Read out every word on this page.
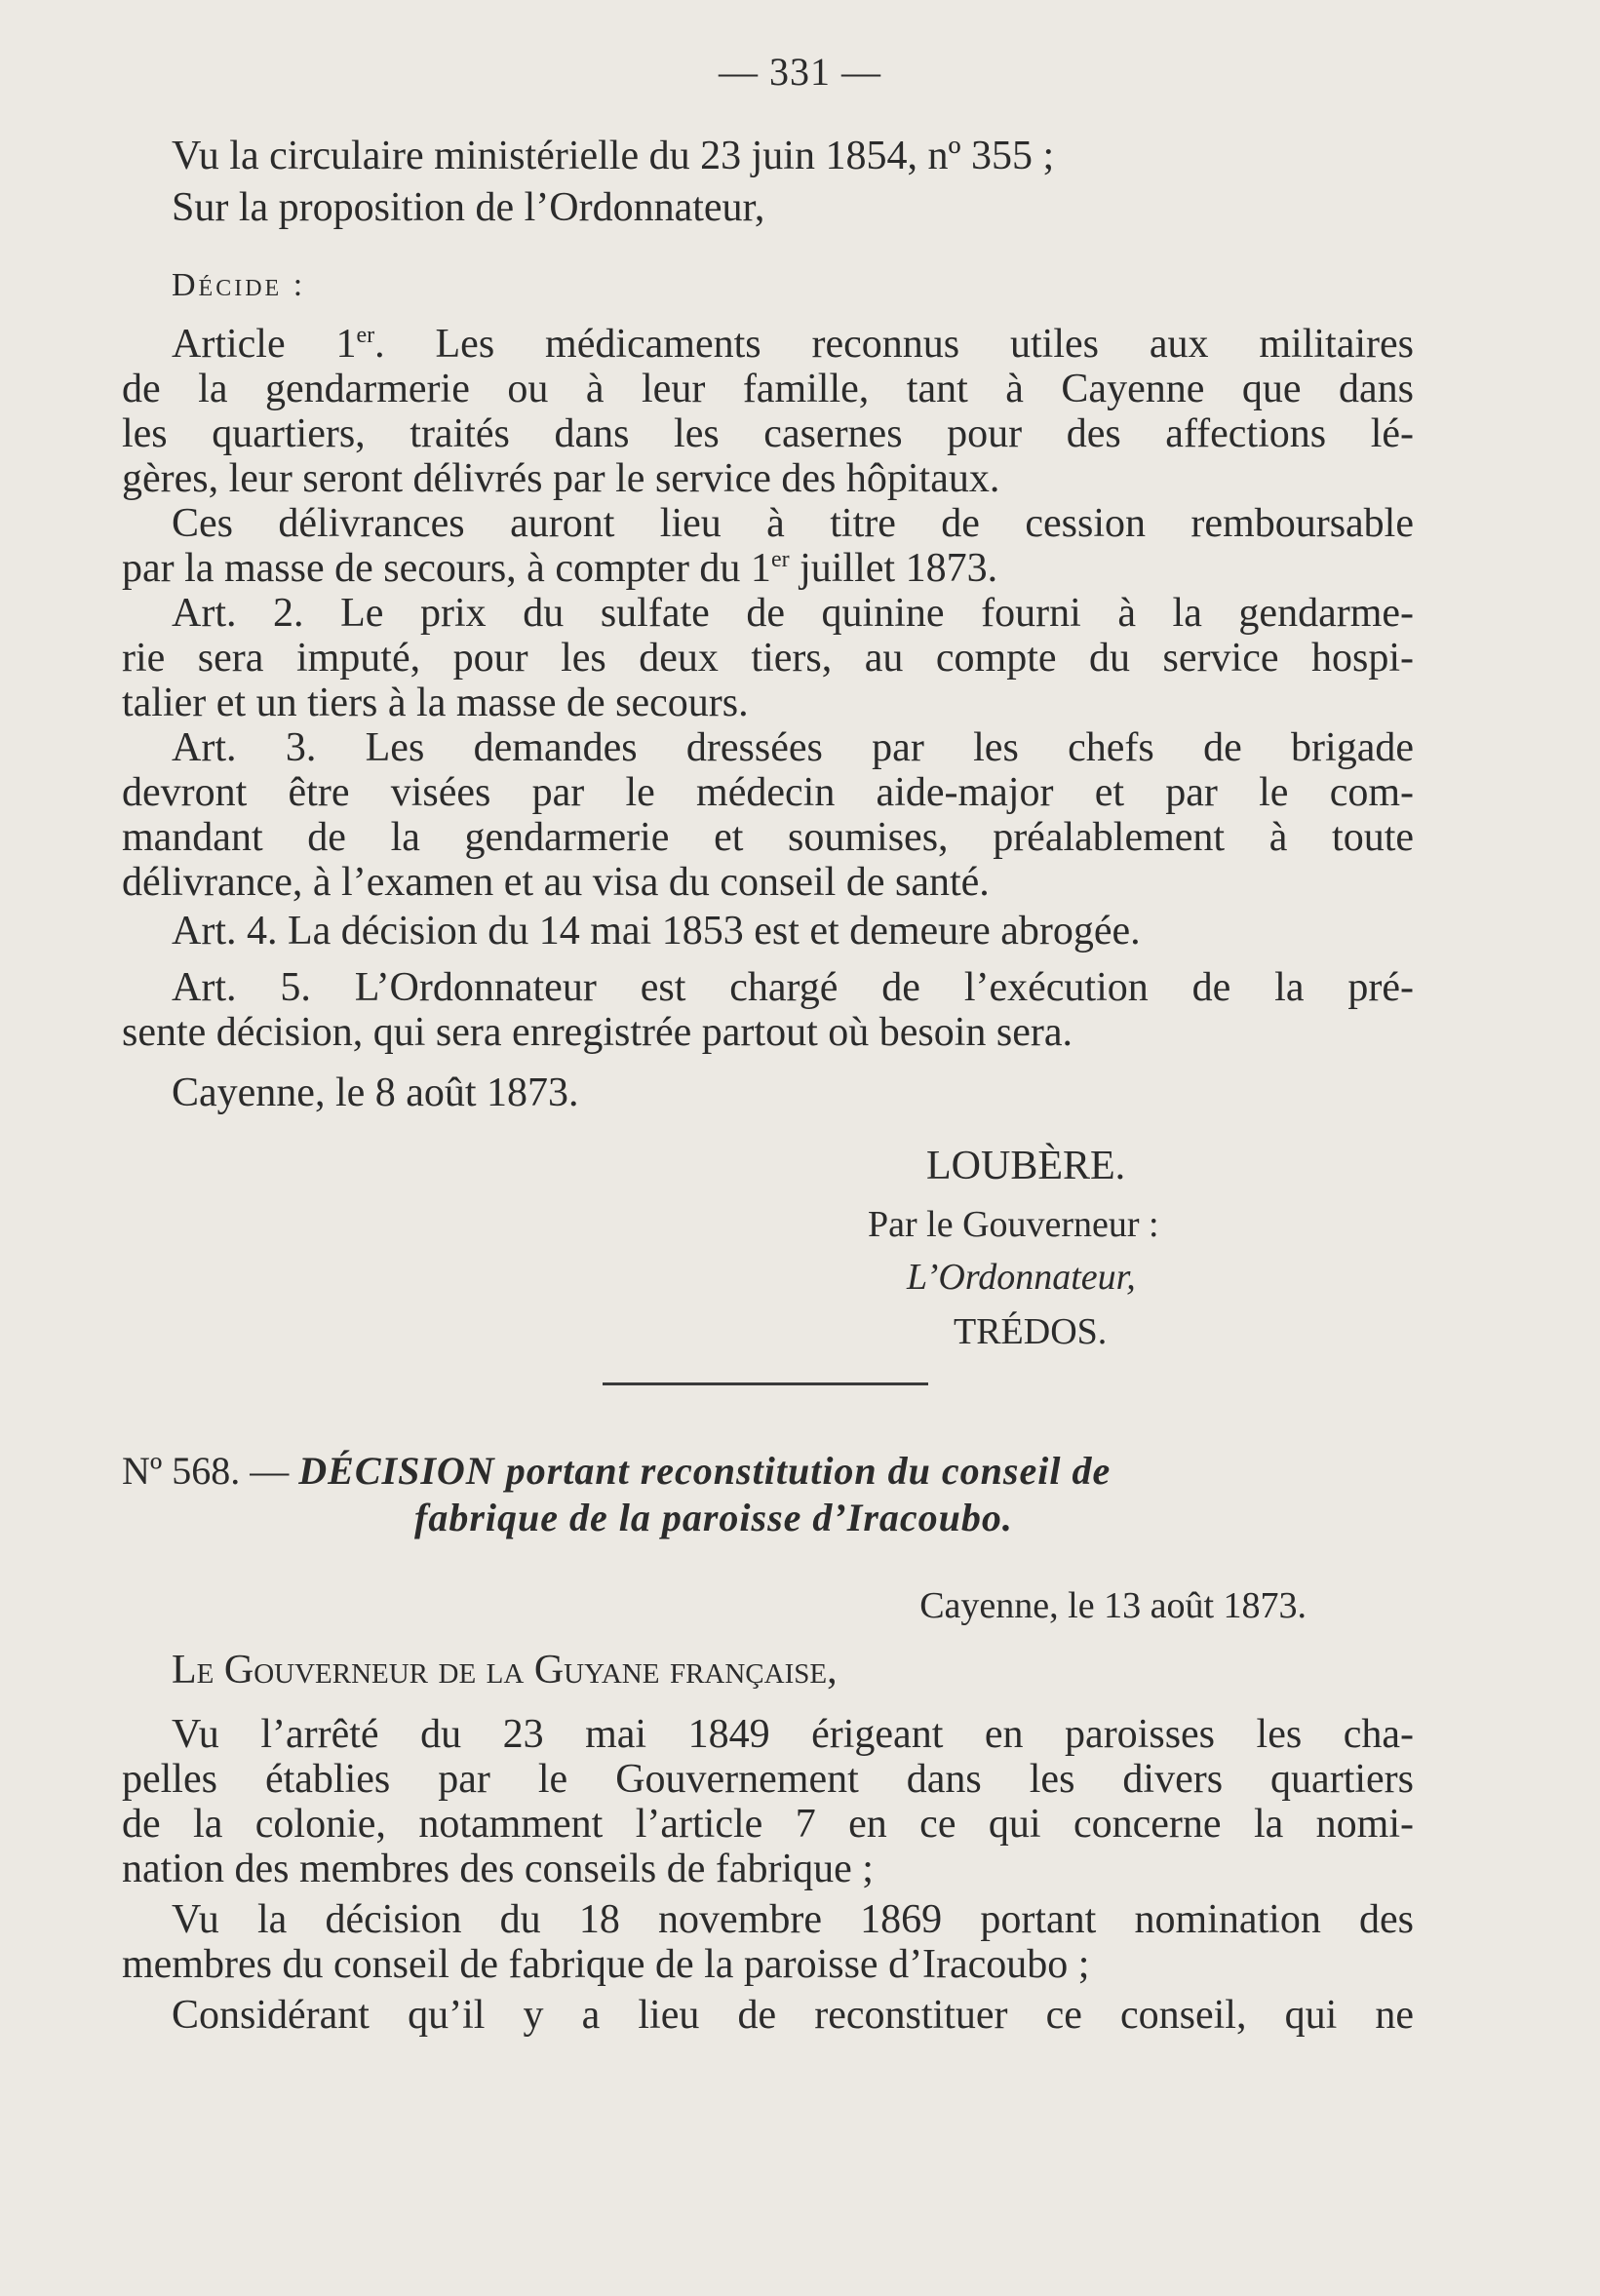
— 331 —
Vu la circulaire ministérielle du 23 juin 1854, nº 355 ;
Sur la proposition de l’Ordonnateur,
Décide :
Article 1er. Les médicaments reconnus utiles aux militaires
de la gendarmerie ou à leur famille, tant à Cayenne que dans
les quartiers, traités dans les casernes pour des affections lé-
gères, leur seront délivrés par le service des hôpitaux.
Ces délivrances auront lieu à titre de cession remboursable
par la masse de secours, à compter du 1er juillet 1873.
Art. 2. Le prix du sulfate de quinine fourni à la gendarme-
rie sera imputé, pour les deux tiers, au compte du service hospi-
talier et un tiers à la masse de secours.
Art. 3. Les demandes dressées par les chefs de brigade
devront être visées par le médecin aide-major et par le com-
mandant de la gendarmerie et soumises, préalablement à toute
délivrance, à l’examen et au visa du conseil de santé.
Art. 4. La décision du 14 mai 1853 est et demeure abrogée.
Art. 5. L’Ordonnateur est chargé de l’exécution de la pré-
sente décision, qui sera enregistrée partout où besoin sera.
Cayenne, le 8 août 1873.
LOUBÈRE.
Par le Gouverneur :
L’Ordonnateur,
TRÉDOS.
Nº 568. — DÉCISION portant reconstitution du conseil de
fabrique de la paroisse d’Iracoubo.
Cayenne, le 13 août 1873.
Le Gouverneur de la Guyane française,
Vu l’arrêté du 23 mai 1849 érigeant en paroisses les cha-
pelles établies par le Gouvernement dans les divers quartiers
de la colonie, notamment l’article 7 en ce qui concerne la nomi-
nation des membres des conseils de fabrique ;
Vu la décision du 18 novembre 1869 portant nomination des
membres du conseil de fabrique de la paroisse d’Iracoubo ;
Considérant qu’il y a lieu de reconstituer ce conseil, qui ne
